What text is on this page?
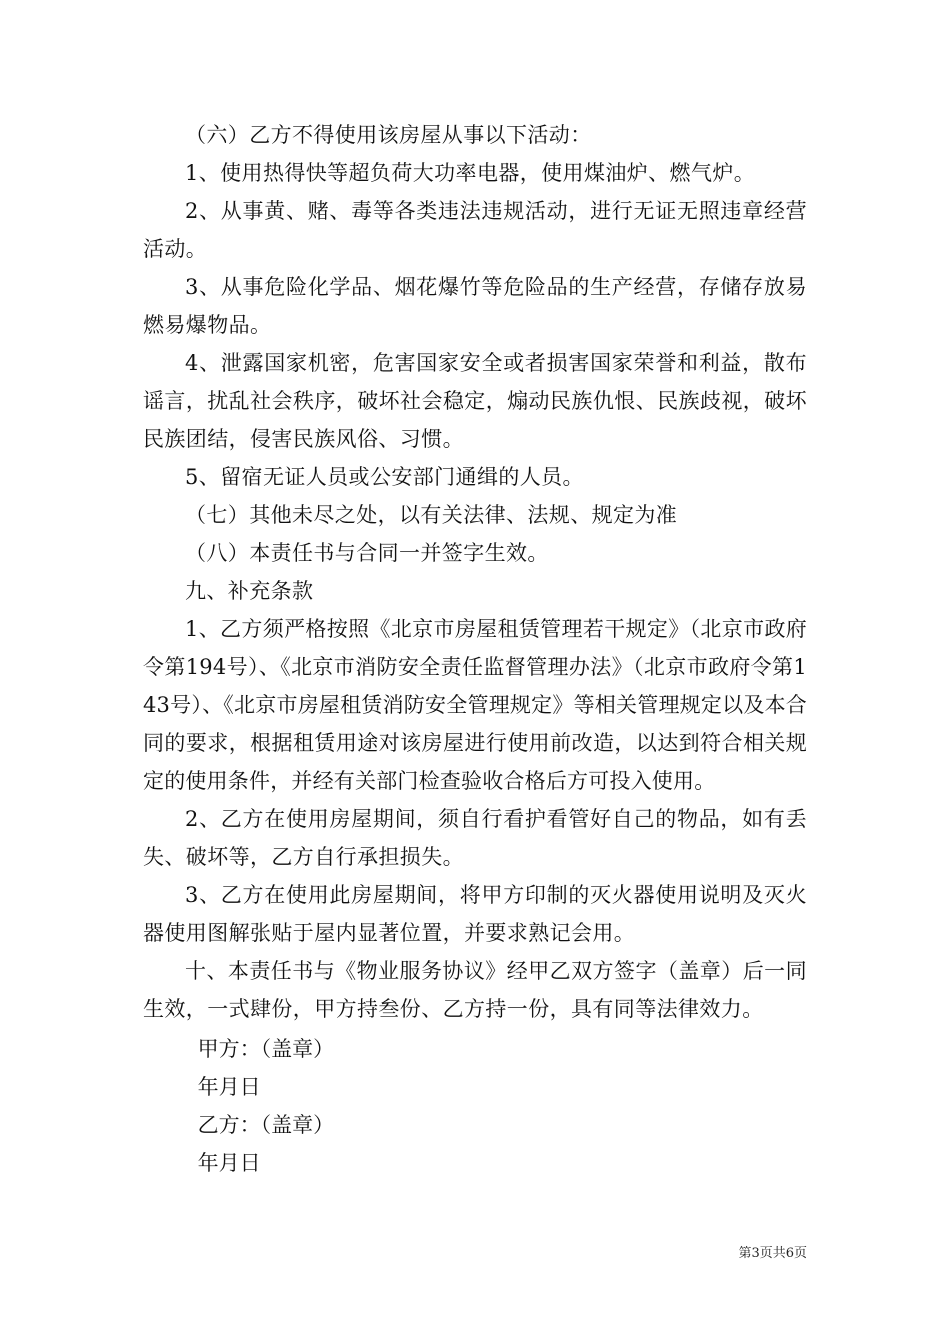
（六）乙方不得使用该房屋从事以下活动：

1、使用热得快等超负荷大功率电器，使用煤油炉、燃气炉。

2、从事黄、赌、毒等各类违法违规活动，进行无证无照违章经营活动。

3、从事危险化学品、烟花爆竹等危险品的生产经营，存储存放易燃易爆物品。

4、泄露国家机密，危害国家安全或者损害国家荣誉和利益，散布谣言，扰乱社会秩序，破坏社会稳定，煽动民族仇恨、民族歧视，破坏民族团结，侵害民族风俗、习惯。

5、留宿无证人员或公安部门通缉的人员。

（七）其他未尽之处，以有关法律、法规、规定为准

（八）本责任书与合同一并签字生效。

九、补充条款

1、乙方须严格按照《北京市房屋租赁管理若干规定》（北京市政府令第194号）、《北京市消防安全责任监督管理办法》（北京市政府令第143号）、《北京市房屋租赁消防安全管理规定》等相关管理规定以及本合同的要求，根据租赁用途对该房屋进行使用前改造，以达到符合相关规定的使用条件，并经有关部门检查验收合格后方可投入使用。

2、乙方在使用房屋期间，须自行看护看管好自己的物品，如有丢失、破坏等，乙方自行承担损失。

3、乙方在使用此房屋期间，将甲方印制的灭火器使用说明及灭火器使用图解张贴于屋内显著位置，并要求熟记会用。

十、本责任书与《物业服务协议》经甲乙双方签字（盖章）后一同生效，一式肆份，甲方持叁份、乙方持一份，具有同等法律效力。

甲方：（盖章）

年月日

乙方：（盖章）

年月日

第3页共6页
